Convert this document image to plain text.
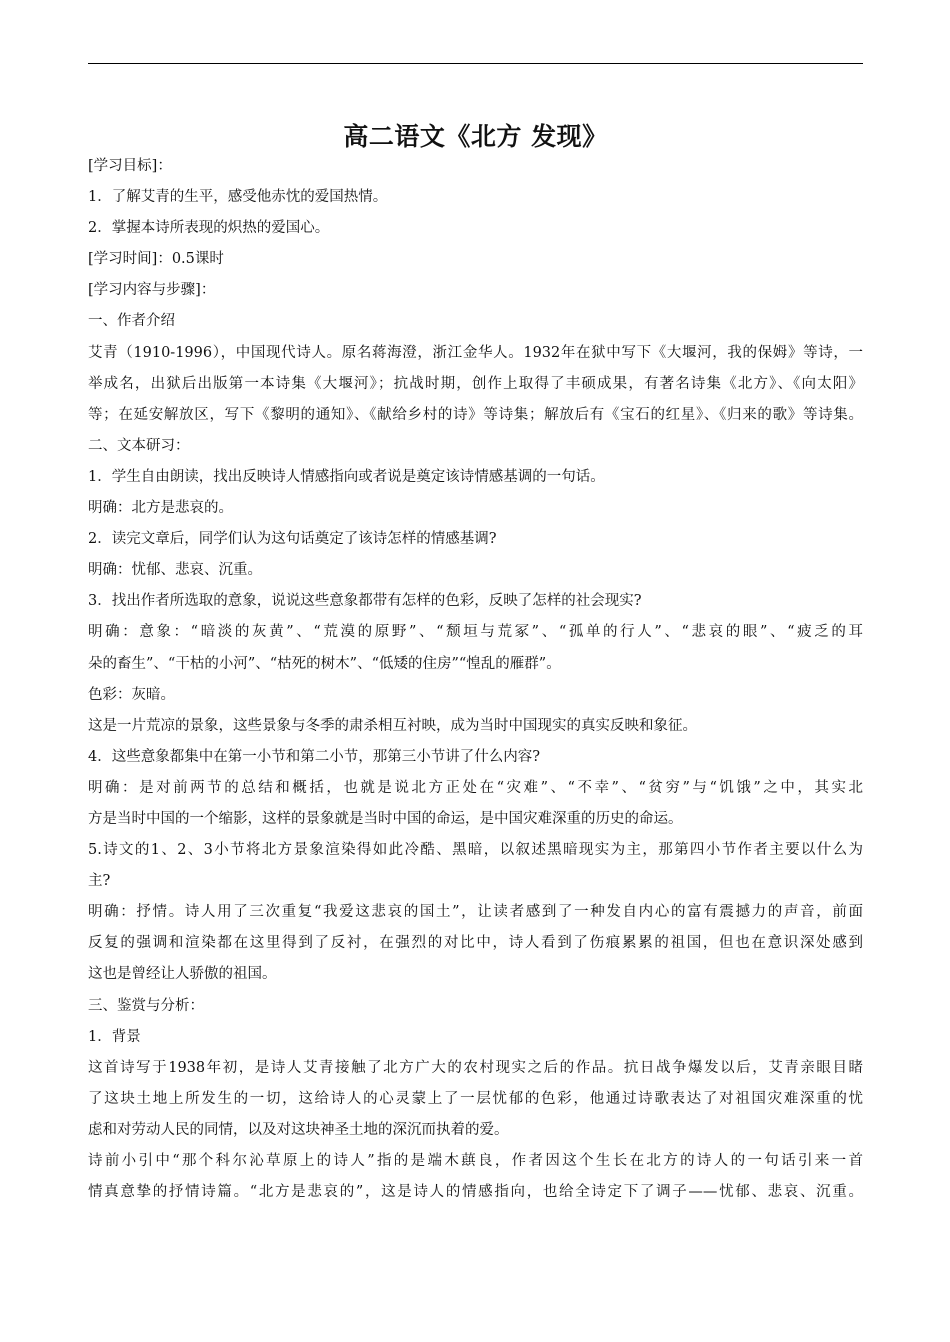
高二语文《北方 发现》
[学习目标]：
1．了解艾青的生平，感受他赤忱的爱国热情。
2．掌握本诗所表现的炽热的爱国心。
[学习时间]：0.5课时
[学习内容与步骤]：
一、作者介绍
艾青（1910-1996），中国现代诗人。原名蒋海澄，浙江金华人。1932年在狱中写下《大堰河，我的保姆》等诗，一
举成名，出狱后出版第一本诗集《大堰河》；抗战时期，创作上取得了丰硕成果，有著名诗集《北方》、《向太阳》
等；在延安解放区，写下《黎明的通知》、《献给乡村的诗》等诗集；解放后有《宝石的红星》、《归来的歌》等诗集。
二、文本研习：
1．学生自由朗读，找出反映诗人情感指向或者说是奠定该诗情感基调的一句话。
明确：北方是悲哀的。
2．读完文章后，同学们认为这句话奠定了该诗怎样的情感基调?
明确：忧郁、悲哀、沉重。
3．找出作者所选取的意象，说说这些意象都带有怎样的色彩，反映了怎样的社会现实?
明确：意象：“暗淡的灰黄”、“荒漠的原野”、“颓垣与荒冢”、“孤单的行人”、“悲哀的眼”、“疲乏的耳
朵的畜生”、“干枯的小河”、“枯死的树木”、“低矮的住房”“惶乱的雁群”。
色彩：灰暗。
这是一片荒凉的景象，这些景象与冬季的肃杀相互衬映，成为当时中国现实的真实反映和象征。
4．这些意象都集中在第一小节和第二小节，那第三小节讲了什么内容?
明确：是对前两节的总结和概括，也就是说北方正处在“灾难”、“不幸”、“贫穷”与“饥饿”之中，其实北
方是当时中国的一个缩影，这样的景象就是当时中国的命运，是中国灾难深重的历史的命运。
5.诗文的1、2、3小节将北方景象渲染得如此冷酷、黑暗，以叙述黑暗现实为主，那第四小节作者主要以什么为
主?
明确：抒情。诗人用了三次重复“我爱这悲哀的国土”，让读者感到了一种发自内心的富有震撼力的声音，前面
反复的强调和渲染都在这里得到了反衬，在强烈的对比中，诗人看到了伤痕累累的祖国，但也在意识深处感到
这也是曾经让人骄傲的祖国。
三、鉴赏与分析：
1．背景
这首诗写于1938年初，是诗人艾青接触了北方广大的农村现实之后的作品。抗日战争爆发以后，艾青亲眼目睹
了这块土地上所发生的一切，这给诗人的心灵蒙上了一层忧郁的色彩，他通过诗歌表达了对祖国灾难深重的忧
虑和对劳动人民的同情，以及对这块神圣土地的深沉而执着的爱。
诗前小引中“那个科尔沁草原上的诗人”指的是端木蕻良，作者因这个生长在北方的诗人的一句话引来一首
情真意挚的抒情诗篇。“北方是悲哀的”，这是诗人的情感指向，也给全诗定下了调子——忧郁、悲哀、沉重。
